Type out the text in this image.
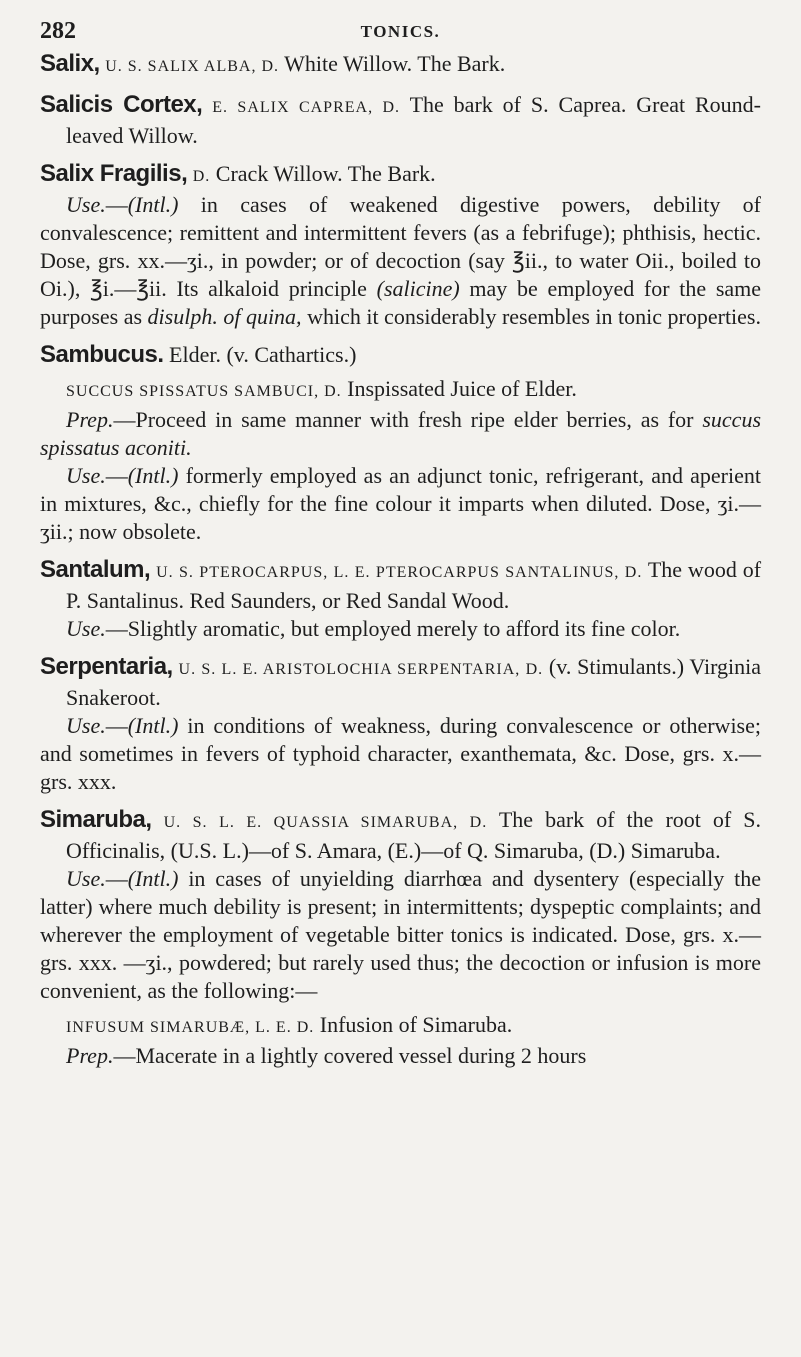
282	TONICS.

Salix, U. S. SALIX ALBA, D. White Willow. The Bark.

Salicis Cortex, E. SALIX CAPREA, D. The bark of S. Caprea. Great Round-leaved Willow.

Salix Fragilis, D. Crack Willow. The Bark.

Use.—(Intl.) in cases of weakened digestive powers, debility of convalescence; remittent and intermittent fevers (as a febrifuge); phthisis, hectic. Dose, grs. xx.—ʒi., in powder; or of decoction (say ℥ii., to water Oii., boiled to Oi.), ℥i.—℥ii. Its alkaloid principle (salicine) may be employed for the same purposes as disulph. of quina, which it considerably resembles in tonic properties.

Sambucus. Elder. (v. Cathartics.)

SUCCUS SPISSATUS SAMBUCI, D. Inspissated Juice of Elder.

Prep.—Proceed in same manner with fresh ripe elder berries, as for succus spissatus aconiti.

Use.—(Intl.) formerly employed as an adjunct tonic, refrigerant, and aperient in mixtures, &c., chiefly for the fine colour it imparts when diluted. Dose, ʒi.—ʒii.; now obsolete.

Santalum, U. S. PTEROCARPUS, L. E. PTEROCARPUS SANTALINUS, D. The wood of P. Santalinus. Red Saunders, or Red Sandal Wood.

Use.—Slightly aromatic, but employed merely to afford its fine color.

Serpentaria, U. S. L. E. ARISTOLOCHIA SERPENTARIA, D. (v. Stimulants.) Virginia Snakeroot.

Use.—(Intl.) in conditions of weakness, during convalescence or otherwise; and sometimes in fevers of typhoid character, exanthemata, &c. Dose, grs. x.—grs. xxx.

Simaruba, U. S. L. E. QUASSIA SIMARUBA, D. The bark of the root of S. Officinalis, (U.S. L.)—of S. Amara, (E.)—of Q. Simaruba, (D.) Simaruba.

Use.—(Intl.) in cases of unyielding diarrhœa and dysentery (especially the latter) where much debility is present; in intermittents; dyspeptic complaints; and wherever the employment of vegetable bitter tonics is indicated. Dose, grs. x.—grs. xxx. —ʒi., powdered; but rarely used thus; the decoction or infusion is more convenient, as the following:—

INFUSUM SIMARUBÆ, L. E. D. Infusion of Simaruba.

Prep.—Macerate in a lightly covered vessel during 2 hours
